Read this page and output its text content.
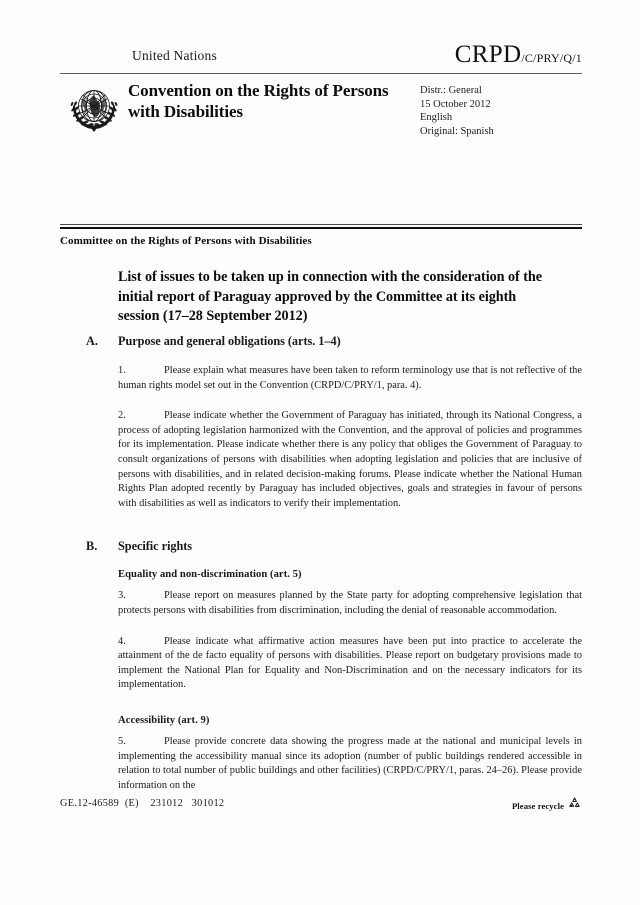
United Nations	CRPD/C/PRY/Q/1
Convention on the Rights of Persons with Disabilities
Distr.: General
15 October 2012
English
Original: Spanish
Committee on the Rights of Persons with Disabilities
List of issues to be taken up in connection with the consideration of the initial report of Paraguay approved by the Committee at its eighth session (17–28 September 2012)
A. Purpose and general obligations (arts. 1–4)
1.	Please explain what measures have been taken to reform terminology use that is not reflective of the human rights model set out in the Convention (CRPD/C/PRY/1, para. 4).
2.	Please indicate whether the Government of Paraguay has initiated, through its National Congress, a process of adopting legislation harmonized with the Convention, and the approval of policies and programmes for its implementation. Please indicate whether there is any policy that obliges the Government of Paraguay to consult organizations of persons with disabilities when adopting legislation and policies that are inclusive of persons with disabilities, and in related decision-making forums. Please indicate whether the National Human Rights Plan adopted recently by Paraguay has included objectives, goals and strategies in favour of persons with disabilities as well as indicators to verify their implementation.
B. Specific rights
Equality and non-discrimination (art. 5)
3.	Please report on measures planned by the State party for adopting comprehensive legislation that protects persons with disabilities from discrimination, including the denial of reasonable accommodation.
4.	Please indicate what affirmative action measures have been put into practice to accelerate the attainment of the de facto equality of persons with disabilities. Please report on budgetary provisions made to implement the National Plan for Equality and Non-Discrimination and on the necessary indicators for its implementation.
Accessibility (art. 9)
5.	Please provide concrete data showing the progress made at the national and municipal levels in implementing the accessibility manual since its adoption (number of public buildings rendered accessible in relation to total number of public buildings and other facilities) (CRPD/C/PRY/1, paras. 24–26). Please provide information on the
GE.12-46589  (E)    231012   301012	Please recycle
